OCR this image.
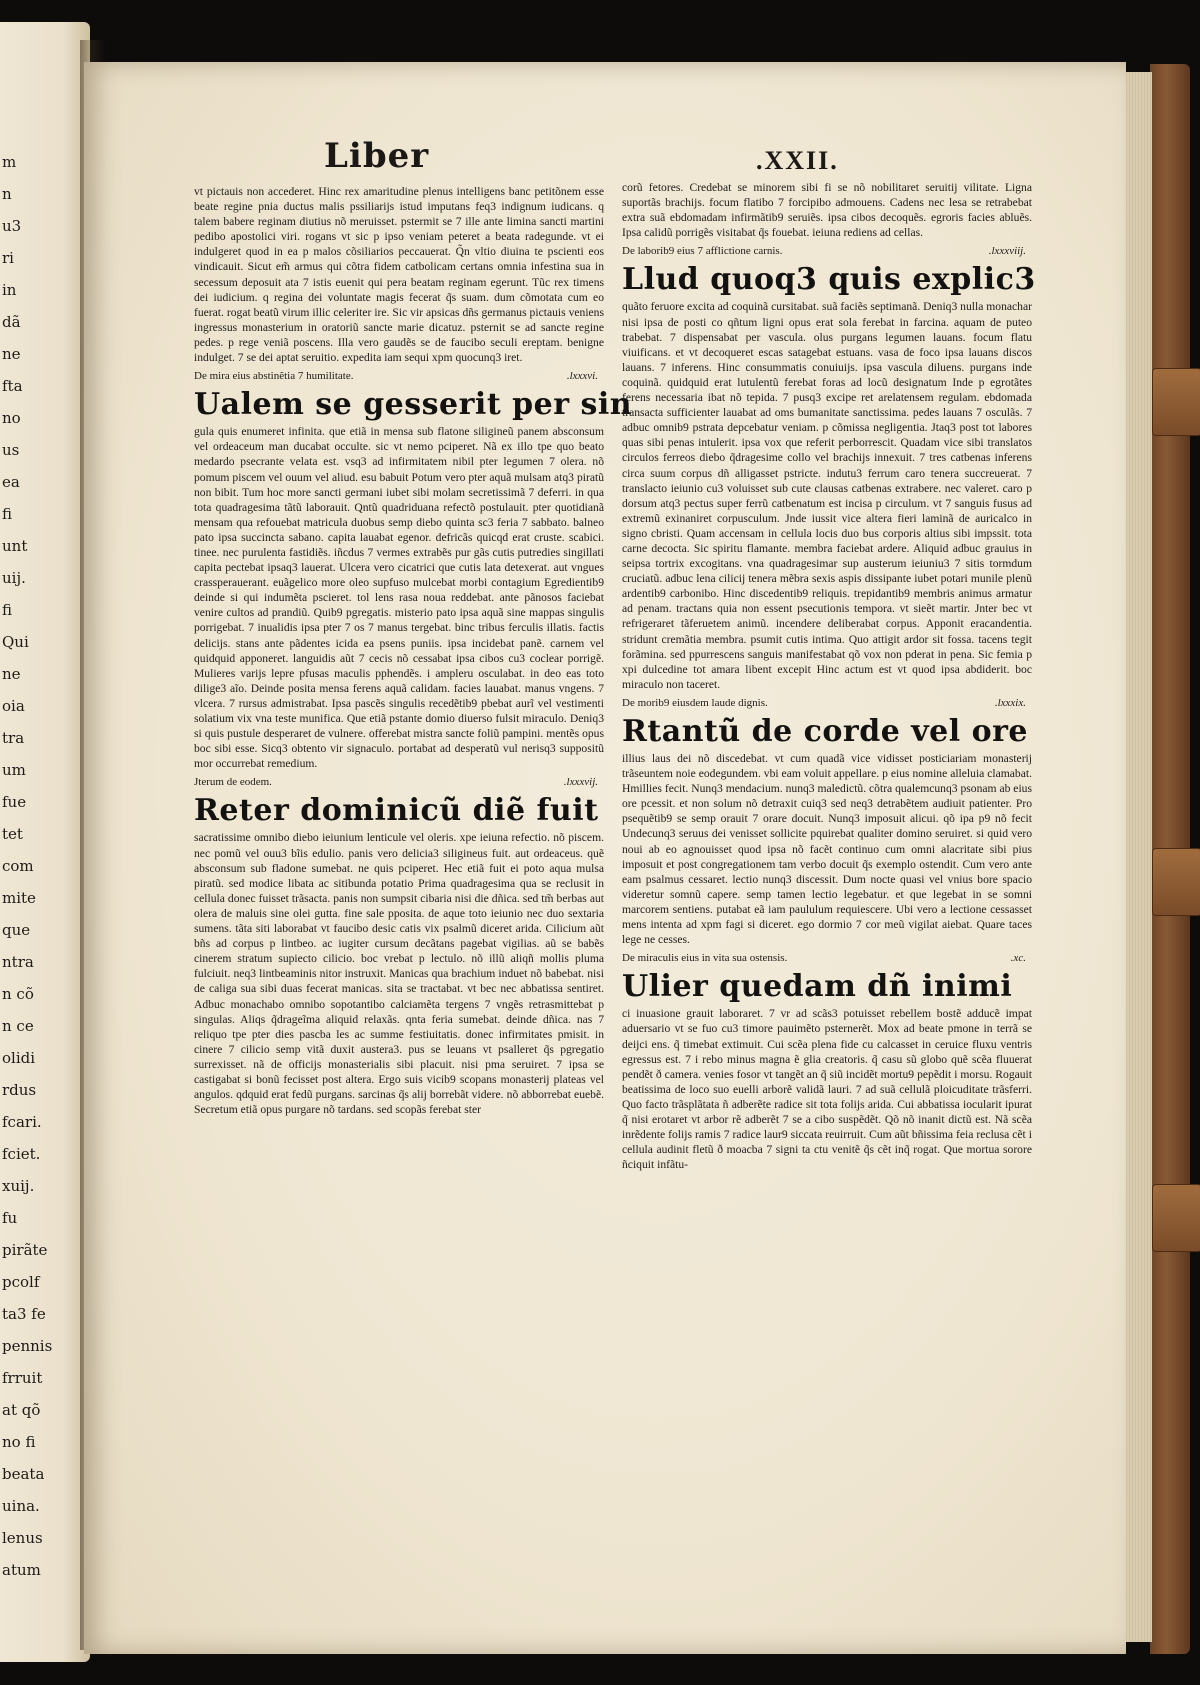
m
n
u3
ri
in
dã
ne
fta
no
us
ea
fi
unt
uij.
fi
Qui
ne
oia
tra
um
fue
tet
com
mite
que
ntra
n cõ
n ce
olidi
rdus
fcari.
fciet.
xuij.
fu
pirãte
pcolf
ta3 fe
pennis
frruit
at qõ
no fi
beata
uina.
lenus
atum
Liber	.XXII.

vt pictauis non accederet. Hinc rex amaritudine plenus intelligens banc petitõnem esse beate regine pnia ductus malis pssiliarijs istud imputans feq3 indignum iudicans. q talem babere reginam diutius nõ meruisset. pstermit se 7 ille ante limina sancti martini pedibo apostolici viri. rogans vt sic p ipso veniam peteret a beata radegunde. vt ei indulgeret quod in ea p malos cõsiliarios peccauerat. Q̃n vltio diuina te pscienti eos vindicauit. Sicut em̃ armus qui cõtra fidem catbolicam certans omnia infestina sua in secessum deposuit ata 7 istis euenit qui pera beatam reginam egerunt. Tũc rex timens dei iudicium. q regina dei voluntate magis fecerat q̃s suam. dum cõmotata cum eo fuerat. rogat beatũ virum illic celeriter ire. Sic vir apsicas dñs germanus pictauis veniens ingressus monasterium in oratoriũ sancte marie dicatuz. psternit se ad sancte regine pedes. p rege veniã poscens. Illa vero gaudẽs se de faucibo seculi ereptam. benigne indulget. 7 se dei aptat seruitio. expedita iam sequi xpm quocunq3 iret.

De mira eius abstinẽtia 7 humilitate.	.lxxxvi.
Ualem se gesserit per sin

gula quis enumeret infinita. que etiã in mensa sub flatone siligineũ panem absconsum vel ordeaceum man ducabat occulte. sic vt nemo pciperet. Nã ex illo tpe quo beato medardo psecrante velata est. vsq3 ad infirmitatem nibil pter legumen 7 olera. nõ pomum piscem vel ouum vel aliud. esu babuit Potum vero pter aquã mulsam atq3 piratũ non bibit. Tum hoc more sancti germani iubet sibi molam secretissimã 7 deferri. in qua tota quadragesima tãtũ laborauit. Qntũ quadriduana refectõ postulauit. pter quotidianã mensam qua refouebat matricula duobus semp diebo quinta sc3 feria 7 sabbato. balneo pato ipsa succincta sabano. capita lauabat egenor. defricãs quicqd erat cruste. scabici. tinee. nec purulenta fastidiẽs. iñcdus 7 vermes extrabẽs pur gãs cutis putredies singillati capita pectebat ipsaq3 lauerat. Ulcera vero cicatrici que cutis lata detexerat. aut vngues crassperauerant. euãgelico more oleo supfuso mulcebat morbi contagium Egredientib9 deinde si qui indumẽta pscieret. tol lens rasa noua reddebat. ante pãnosos faciebat venire cultos ad prandiũ. Quib9 pgregatis. misterio pato ipsa aquã sine mappas singulis porrigebat. 7 inualidis ipsa pter 7 os 7 manus tergebat. binc tribus ferculis illatis. factis delicijs. stans ante pãdentes icida ea psens puniis. ipsa incidebat panẽ. carnem vel quidquid apponeret. languidis aũt 7 cecis nõ cessabat ipsa cibos cu3 coclear porrigẽ. Mulieres varijs lepre pfusas maculis pphendẽs. i ampleru osculabat. in deo eas toto dilige3 aĩo. Deinde posita mensa ferens aquã calidam. facies lauabat. manus vngens. 7 vlcera. 7 rursus admistrabat. Ipsa pascẽs singulis recedẽtib9 pbebat aurĩ vel vestimenti solatium vix vna teste munifica. Que etiã pstante domio diuerso fulsit miraculo. Deniq3 si quis pustule desperaret de vulnere. offerebat mistra sancte foliũ pampini. mentẽs opus boc sibi esse. Sicq3 obtento vir signaculo. portabat ad desperatũ vul nerisq3 suppositũ mor occurrebat remedium.

Jterum de eodem.	.lxxxvij.
Reter dominicũ diẽ fuit

sacratissime omnibo diebo ieiunium lenticule vel oleris. xpe ieiuna refectio. nõ piscem. nec pomũ vel ouu3 bĩis edulio. panis vero delicia3 siligineus fuit. aut ordeaceus. quẽ absconsum sub fladone sumebat. ne quis pciperet. Hec etiã fuit ei poto aqua mulsa piratũ. sed modice libata ac sitibunda potatio Prima quadragesima qua se reclusit in cellula donec fuisset trãsacta. panis non sumpsit cibaria nisi die dñica. sed tm̃ berbas aut olera de maluis sine olei gutta. fine sale pposita. de aque toto ieiunio nec duo sextaria sumens. tãta siti laborabat vt faucibo desic catis vix psalmũ diceret arida. Cilicium aũt bñs ad corpus p lintbeo. ac iugiter cursum decãtans pagebat vigilias. aũ se babẽs cinerem stratum supiecto cilicio. boc vrebat p lectulo. nõ illũ aliqñ mollis pluma fulciuit. neq3 lintbeaminis nitor instruxit. Manicas qua brachium induet nõ babebat. nisi de caliga sua sibi duas fecerat manicas. sita se tractabat. vt bec nec abbatissa sentiret. Adbuc monachabo omnibo sopotantibo calciamẽta tergens 7 vngẽs retrasmittebat p singulas. Aliqs q̃drageĩma aliquid relaxãs. qnta feria sumebat. deinde dñica. nas 7 reliquo tpe pter dies pascba les ac summe festiuitatis. donec infirmitates pmisit. in cinere 7 cilicio semp vitã duxit austera3. pus se leuans vt psalleret q̃s pgregatio surrexisset. nã de officijs monasterialis sibi placuit. nisi pma seruiret. 7 ipsa se castigabat si bonũ fecisset post altera. Ergo suis vicib9 scopans monasterij plateas vel angulos. qdquid erat fedũ purgans. sarcinas q̃s alij borrebãt videre. nõ abborrebat euebẽ. Secretum etiã opus purgare nõ tardans. sed scopãs ferebat ster

corũ fetores. Credebat se minorem sibi fi se nõ nobilitaret seruitij vilitate. Ligna suportãs brachijs. focum flatibo 7 forcipibo admouens. Cadens nec lesa se retrabebat extra suã ebdomadam infirmãtib9 seruiẽs. ipsa cibos decoquẽs. egroris facies abluẽs. Ipsa calidũ porrigẽs visitabat q̃s fouebat. ieiuna rediens ad cellas.

De laborib9 eius 7 afflictione carnis.	.lxxxviij.
Llud quoq3 quis explic3

quãto feruore excita ad coquinã cursitabat. suã faciẽs septimanã. Deniq3 nulla monachar nisi ipsa de posti co qñtum ligni opus erat sola ferebat in farcina. aquam de puteo trabebat. 7 dispensabat per vascula. olus purgans legumen lauans. focum flatu viuificans. et vt decoqueret escas satagebat estuans. vasa de foco ipsa lauans discos lauans. 7 inferens. Hinc consummatis conuiuijs. ipsa vascula diluens. purgans inde coquinã. quidquid erat lutulentũ ferebat foras ad locũ designatum Inde p egrotãtes ferens necessaria ibat nõ tepida. 7 pusq3 excipe ret arelatensem regulam. ebdomada transacta sufficienter lauabat ad oms bumanitate sanctissima. pedes lauans 7 osculãs. 7 adbuc omnib9 pstrata depcebatur veniam. p cõmissa negligentia. Jtaq3 post tot labores quas sibi penas intulerit. ipsa vox que referit perborrescit. Quadam vice sibi translatos circulos ferreos diebo q̃dragesime collo vel brachijs innexuit. 7 tres catbenas inferens circa suum corpus dñ alligasset pstricte. indutu3 ferrum caro tenera succreuerat. 7 translacto ieiunio cu3 voluisset sub cute clausas catbenas extrabere. nec valeret. caro p dorsum atq3 pectus super ferrũ catbenatum est incisa p circulum. vt 7 sanguis fusus ad extremũ exinaniret corpusculum. Jnde iussit vice altera fieri laminã de auricalco in signo cbristi. Quam accensam in cellula locis duo bus corporis altius sibi impssit. tota carne decocta. Sic spiritu flamante. membra faciebat ardere. Aliquid adbuc grauius in seipsa tortrix excogitans. vna quadragesimar sup austerum ieiuniu3 7 sitis tormdum cruciatũ. adbuc lena cilicij tenera mẽbra sexis aspis dissipante iubet potari munile plenũ ardentib9 carbonibo. Hinc discedentib9 reliquis. trepidantib9 membris animus armatur ad penam. tractans quia non essent psecutionis tempora. vt sieẽt martir. Jnter bec vt refrigeraret tãferuetem animũ. incendere deliberabat corpus. Apponit eracandentia. stridunt cremãtia membra. psumit cutis intima. Quo attigit ardor sit fossa. tacens tegit forãmina. sed ppurrescens sanguis manifestabat qõ vox non pderat in pena. Sic femia p xpi dulcedine tot amara libent excepit Hinc actum est vt quod ipsa abdiderit. boc miraculo non taceret.

De morib9 eiusdem laude dignis.	.lxxxix.
Rtantũ de corde vel ore

illius laus dei nõ discedebat. vt cum quadã vice vidisset posticiariam monasterij trãseuntem noie eodegundem. vbi eam voluit appellare. p eius nomine alleluia clamabat. Hmillies fecit. Nunq3 mendacium. nunq3 maledictũ. cõtra qualemcunq3 psonam ab eius ore pcessit. et non solum nõ detraxit cuiq3 sed neq3 detrabẽtem audiuit patienter. Pro psequẽtib9 se semp orauit 7 orare docuit. Nunq3 imposuit alicui. qõ ipa p9 nõ fecit Undecunq3 seruus dei venisset sollicite pquirebat qualiter domino seruiret. si quid vero noui ab eo agnouisset quod ipsa nõ facẽt continuo cum omni alacritate sibi pius imposuit et post congregationem tam verbo docuit q̃s exemplo ostendit. Cum vero ante eam psalmus cessaret. lectio nunq3 discessit. Dum nocte quasi vel vnius bore spacio videretur somnũ capere. semp tamen lectio legebatur. et que legebat in se somni marcorem sentiens. putabat eã iam paululum requiescere. Ubi vero a lectione cessasset mens intenta ad xpm fagi si diceret. ego dormio 7 cor meũ vigilat aiebat. Quare taces lege ne cesses.

De miraculis eius in vita sua ostensis.	.xc.
Ulier quedam dñ inimi

ci inuasione grauit laboraret. 7 vr ad scãs3 potuisset rebellem bostẽ adducẽ impat aduersario vt se fuo cu3 timore pauimẽto psternerẽt. Mox ad beate pmone in terrã se deijci ens. q̃ timebat extimuit. Cui scẽa plena fide cu calcasset in ceruice fluxu ventris egressus est. 7 i rebo minus magna ẽ glia creatoris. q̃ casu sũ globo quẽ scẽa fluuerat pendẽt ð camera. venies fosor vt tangẽt an q̃ siũ incidẽt mortu9 pepẽdit i morsu. Rogauit beatissima de loco suo euelli arborẽ validã lauri. 7 ad suã cellulã ploicuditate trãsferri. Quo facto trãsplãtata ñ adberẽte radice sit tota folijs arida. Cui abbatissa iocularit ipurat q̃ nisi erotaret vt arbor rẽ adberẽt 7 se a cibo suspẽdẽt. Qõ nõ inanit dictũ est. Nã scẽa inrẽdente folijs ramis 7 radice laur9 siccata reuirruit. Cum aũt bñissima feia reclusa cẽt i cellula audinit fletũ ð moacba 7 signi ta ctu venitẽ q̃s cẽt inq̃ rogat. Que mortua sorore ñciquit infãtu-
